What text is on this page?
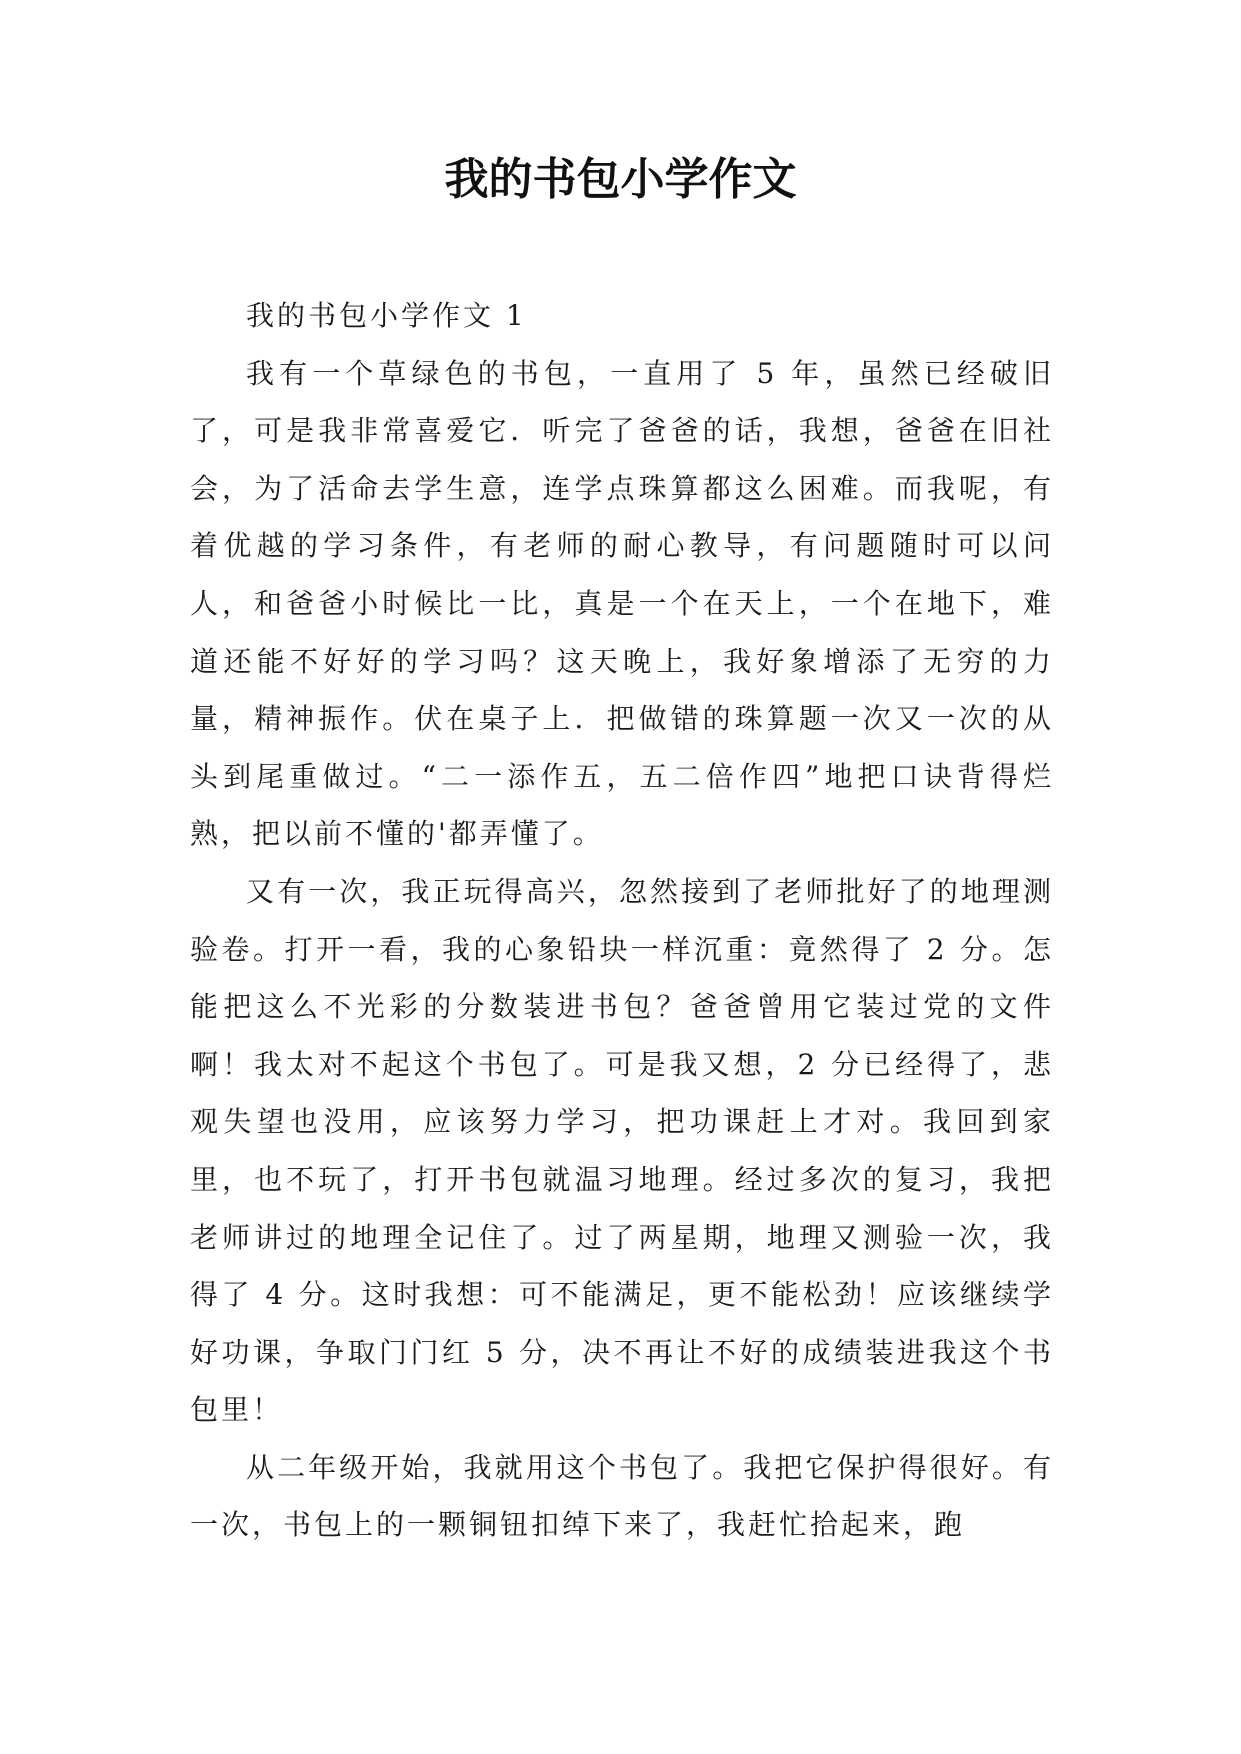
我的书包小学作文

我的书包小学作文 1

我有一个草绿色的书包，一直用了 5 年，虽然已经破旧了，可是我非常喜爱它．听完了爸爸的话，我想，爸爸在旧社会，为了活命去学生意，连学点珠算都这么困难。而我呢，有着优越的学习条件，有老师的耐心教导，有问题随时可以问人，和爸爸小时候比一比，真是一个在天上，一个在地下，难道还能不好好的学习吗？这天晚上，我好象增添了无穷的力量，精神振作。伏在桌子上．把做错的珠算题一次又一次的从头到尾重做过。“二一添作五，五二倍作四”地把口诀背得烂熟，把以前不懂的'都弄懂了。

又有一次，我正玩得高兴，忽然接到了老师批好了的地理测验卷。打开一看，我的心象铅块一样沉重：竟然得了 2 分。怎能把这么不光彩的分数装进书包？爸爸曾用它装过党的文件啊！我太对不起这个书包了。可是我又想，2 分已经得了，悲观失望也没用，应该努力学习，把功课赶上才对。我回到家里，也不玩了，打开书包就温习地理。经过多次的复习，我把老师讲过的地理全记住了。过了两星期，地理又测验一次，我得了 4 分。这时我想：可不能满足，更不能松劲！应该继续学好功课，争取门门红 5 分，决不再让不好的成绩装进我这个书包里！

从二年级开始，我就用这个书包了。我把它保护得很好。有一次，书包上的一颗铜钮扣绰下来了，我赶忙拾起来，跑
